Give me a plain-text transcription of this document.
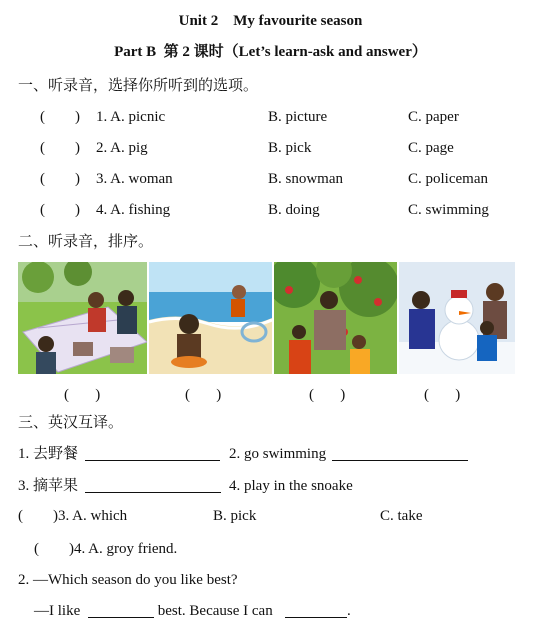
Unit 2    My favourite season
Part B  第 2 课时（Let’s learn-ask and answer）
一、听录音，选择你所听到的选项。
(        ) 1. A. picnic	B. picture	C. paper
(        ) 2. A. pig	B. pick	C. page
(        ) 3. A. woman	B. snowman	C. policeman
(        ) 4. A. fishing	B. doing	C. swimming
二、听录音，排序。
(       )	(       )	(       )	(       )
三、英汉互译。
1. 去野餐	2. go swimming
3. 摘苹果	4. play in the snoake
(        )3. A. which	B. pick	C. take
(        )4. A. groy friend.
2. —Which season do you like best?
—I like	best. Because I can	.
